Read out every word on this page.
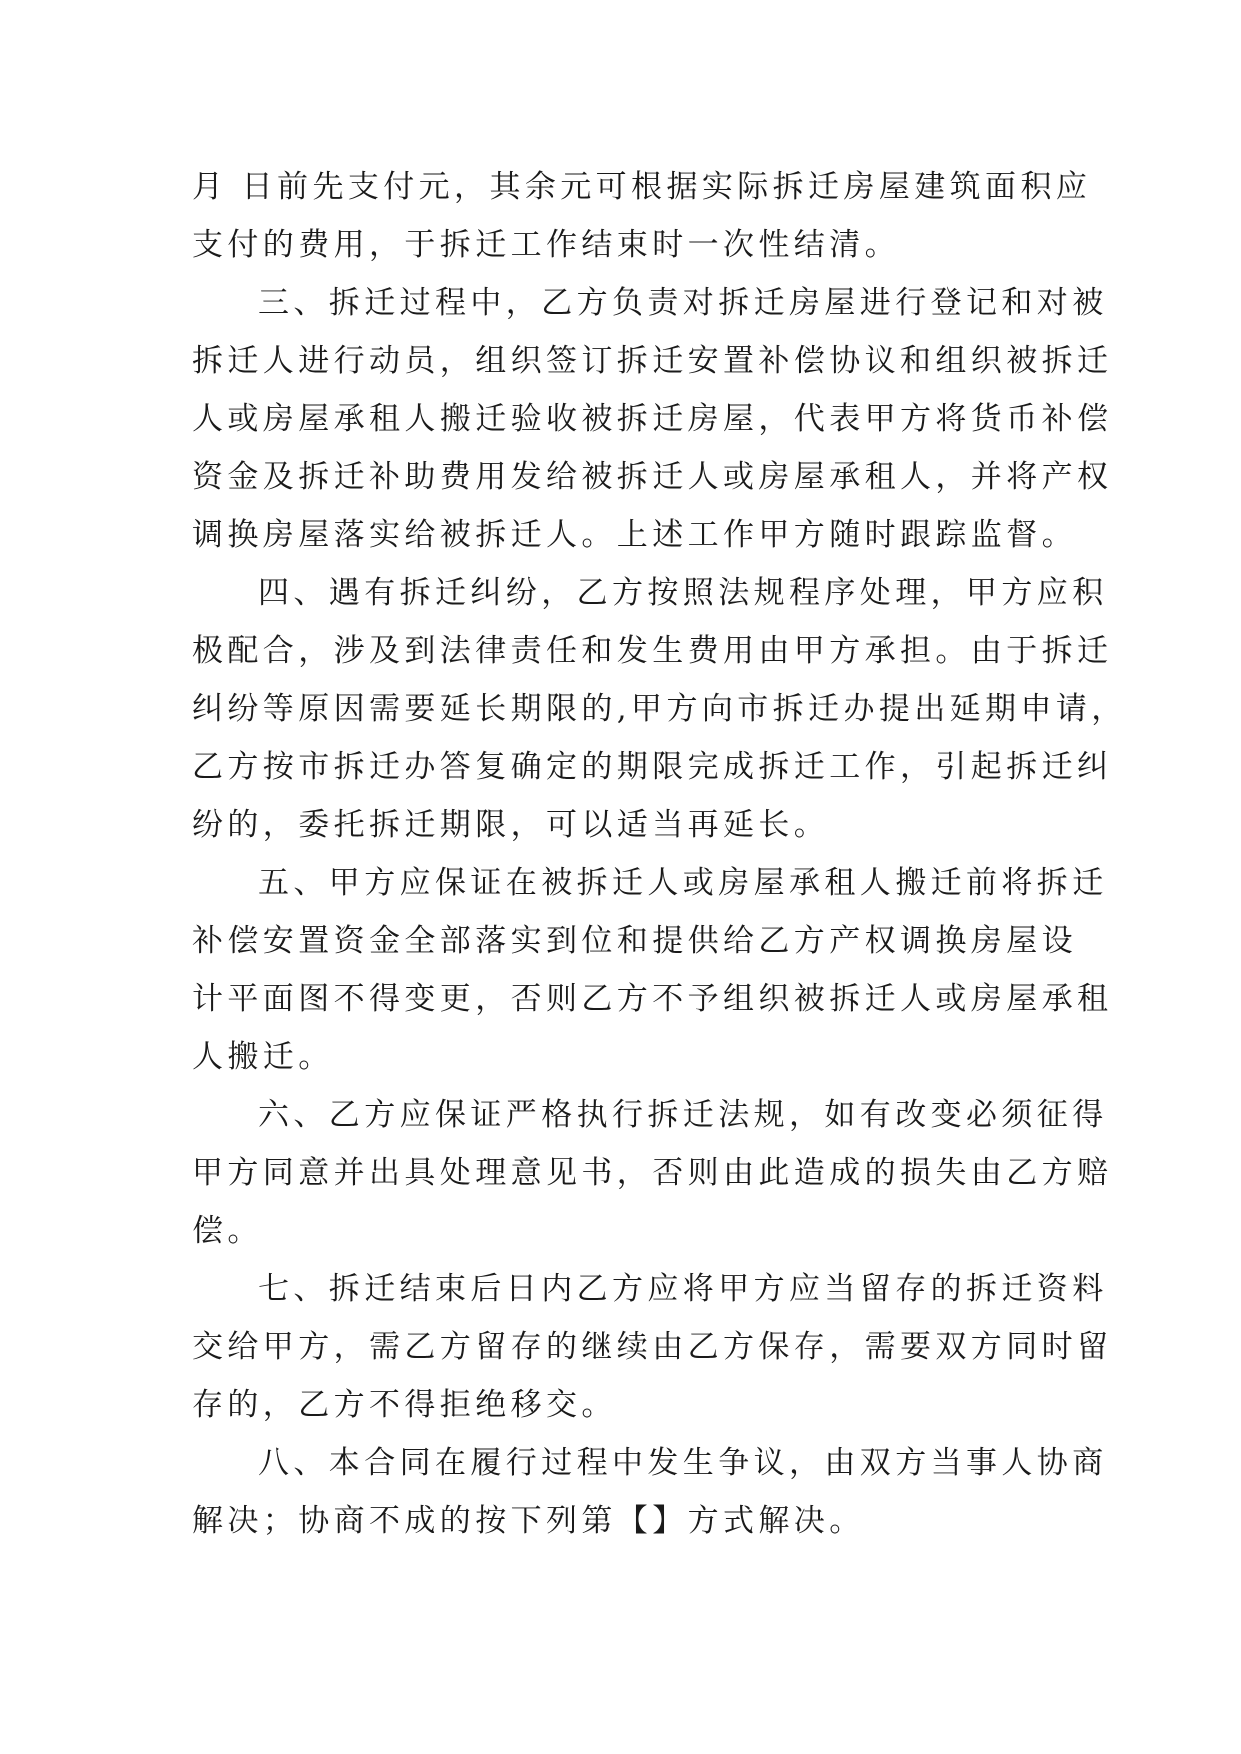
月 日前先支付元，其余元可根据实际拆迁房屋建筑面积应
支付的费用，于拆迁工作结束时一次性结清。
三、拆迁过程中，乙方负责对拆迁房屋进行登记和对被
拆迁人进行动员，组织签订拆迁安置补偿协议和组织被拆迁
人或房屋承租人搬迁验收被拆迁房屋，代表甲方将货币补偿
资金及拆迁补助费用发给被拆迁人或房屋承租人，并将产权
调换房屋落实给被拆迁人。上述工作甲方随时跟踪监督。
四、遇有拆迁纠纷，乙方按照法规程序处理，甲方应积
极配合，涉及到法律责任和发生费用由甲方承担。由于拆迁
纠纷等原因需要延长期限的,甲方向市拆迁办提出延期申请，
乙方按市拆迁办答复确定的期限完成拆迁工作，引起拆迁纠
纷的，委托拆迁期限，可以适当再延长。
五、甲方应保证在被拆迁人或房屋承租人搬迁前将拆迁
补偿安置资金全部落实到位和提供给乙方产权调换房屋设
计平面图不得变更，否则乙方不予组织被拆迁人或房屋承租
人搬迁。
六、乙方应保证严格执行拆迁法规，如有改变必须征得
甲方同意并出具处理意见书，否则由此造成的损失由乙方赔
偿。
七、拆迁结束后日内乙方应将甲方应当留存的拆迁资料
交给甲方，需乙方留存的继续由乙方保存，需要双方同时留
存的，乙方不得拒绝移交。
八、本合同在履行过程中发生争议，由双方当事人协商
解决；协商不成的按下列第【】方式解决。
